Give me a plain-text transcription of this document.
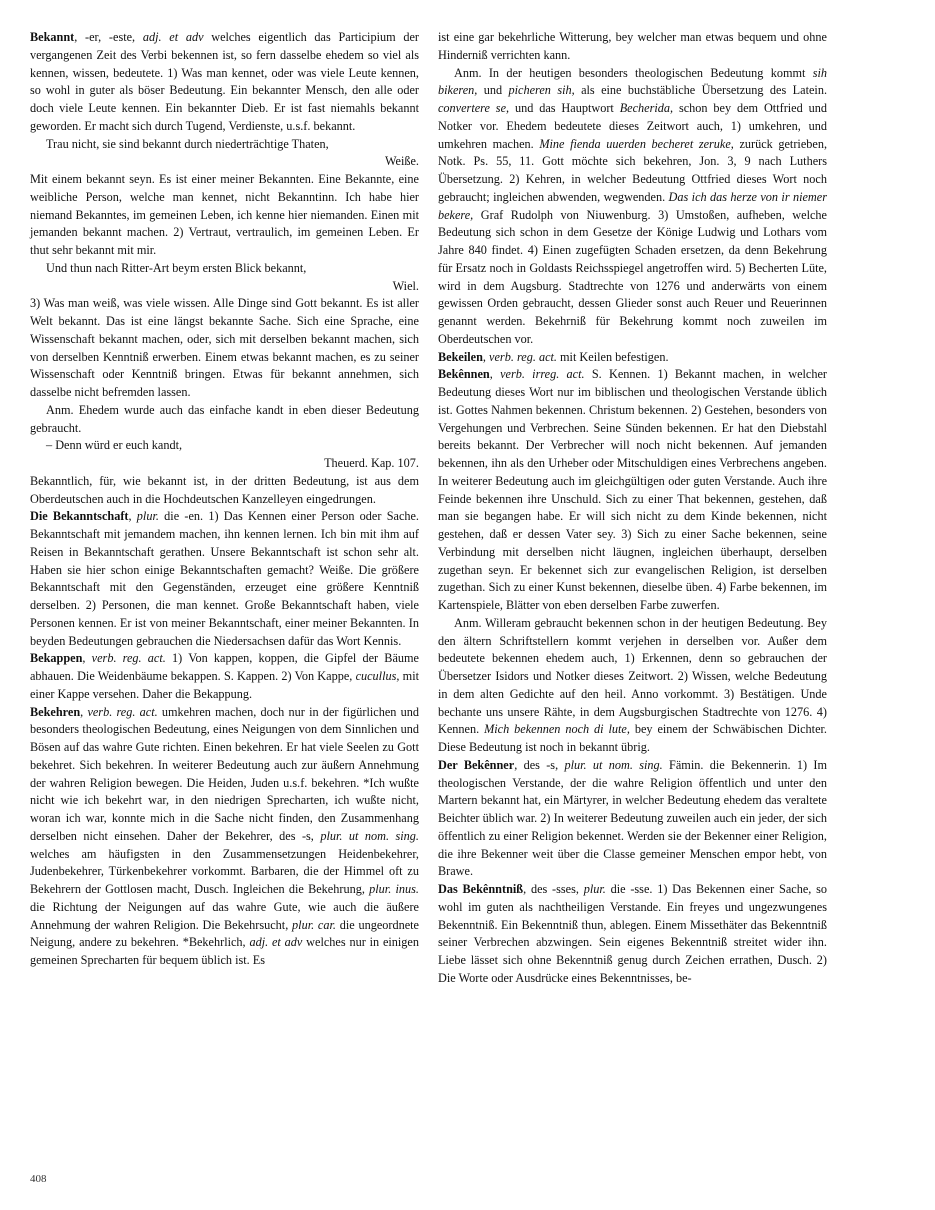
Bekannt, -er, -este, adj. et adv welches eigentlich das Participium der vergangenen Zeit des Verbi bekennen ist, so fern dasselbe ehedem so viel als kennen, wissen, bedeutete. 1) Was man kennet, oder was viele Leute kennen, so wohl in guter als böser Bedeutung. Ein bekannter Mensch, den alle oder doch viele Leute kennen. Ein bekannter Dieb. Er ist fast niemahls bekannt geworden. Er macht sich durch Tugend, Verdienste, u.s.f. bekannt.

Trau nicht, sie sind bekannt durch niederträchtige Thaten,

Weiße.

Mit einem bekannt seyn. Es ist einer meiner Bekannten. Eine Bekannte, eine weibliche Person, welche man kennet, nicht Bekanntinn. Ich habe hier niemand Bekanntes, im gemeinen Leben, ich kenne hier niemanden. Einen mit jemanden bekannt machen. 2) Vertraut, vertraulich, im gemeinen Leben. Er thut sehr bekannt mit mir.

Und thun nach Ritter-Art beym ersten Blick bekannt,

Wiel.

3) Was man weiß, was viele wissen. Alle Dinge sind Gott bekannt. Es ist aller Welt bekannt. Das ist eine längst bekannte Sache. Sich eine Sprache, eine Wissenschaft bekannt machen, oder, sich mit derselben bekannt machen, sich von derselben Kenntniß erwerben. Einem etwas bekannt machen, es zu seiner Wissenschaft oder Kenntniß bringen. Etwas für bekannt annehmen, sich dasselbe nicht befremden lassen.

Anm. Ehedem wurde auch das einfache kandt in eben dieser Bedeutung gebraucht.

– Denn würd er euch kandt,

Theuerd. Kap. 107.

Bekanntlich, für, wie bekannt ist, in der dritten Bedeutung, ist aus dem Oberdeutschen auch in die Hochdeutschen Kanzelleyen eingedrungen.

Die Bekanntschaft, plur. die -en. 1) Das Kennen einer Person oder Sache. Bekanntschaft mit jemandem machen, ihn kennen lernen. Ich bin mit ihm auf Reisen in Bekanntschaft gerathen. Unsere Bekanntschaft ist schon sehr alt. Haben sie hier schon einige Bekanntschaften gemacht? Weiße. Die größere Bekanntschaft mit den Gegenständen, erzeuget eine größere Kenntniß derselben. 2) Personen, die man kennet. Große Bekanntschaft haben, viele Personen kennen. Er ist von meiner Bekanntschaft, einer meiner Bekannten. In beyden Bedeutungen gebrauchen die Niedersachsen dafür das Wort Kennis.

Bekappen, verb. reg. act. 1) Von kappen, koppen, die Gipfel der Bäume abhauen. Die Weidenbäume bekappen. S. Kappen. 2) Von Kappe, cucullus, mit einer Kappe versehen. Daher die Bekappung.

Bekehren, verb. reg. act. umkehren machen, doch nur in der figürlichen und besonders theologischen Bedeutung, eines Neigungen von dem Sinnlichen und Bösen auf das wahre Gute richten. Einen bekehren. Er hat viele Seelen zu Gott bekehret. Sich bekehren. In weiterer Bedeutung auch zur äußern Annehmung der wahren Religion bewegen. Die Heiden, Juden u.s.f. bekehren. *Ich wußte nicht wie ich bekehrt war, in den niedrigen Sprecharten, ich wußte nicht, woran ich war, konnte mich in die Sache nicht finden, den Zusammenhang derselben nicht einsehen. Daher der Bekehrer, des -s, plur. ut nom. sing. welches am häufigsten in den Zusammensetzungen Heidenbekehrer, Judenbekehrer, Türkenbekehrer vorkommt. Barbaren, die der Himmel oft zu Bekehrern der Gottlosen macht, Dusch. Ingleichen die Bekehrung, plur. inus. die Richtung der Neigungen auf das wahre Gute, wie auch die äußere Annehmung der wahren Religion. Die Bekehrsucht, plur. car. die ungeordnete Neigung, andere zu bekehren. *Bekehrlich, adj. et adv welches nur in einigen gemeinen Sprecharten für bequem üblich ist. Es

ist eine gar bekehrliche Witterung, bey welcher man etwas bequem und ohne Hinderniß verrichten kann.

Anm. In der heutigen besonders theologischen Bedeutung kommt sih bikeren, und picheren sih, als eine buchstäbliche Übersetzung des Latein. convertere se, und das Hauptwort Becherida, schon bey dem Ottfried und Notker vor. Ehedem bedeutete dieses Zeitwort auch, 1) umkehren, und umkehren machen. Mine fienda uuerden becheret zeruke, zurück getrieben, Notk. Ps. 55, 11. Gott möchte sich bekehren, Jon. 3, 9 nach Luthers Übersetzung. 2) Kehren, in welcher Bedeutung Ottfried dieses Wort noch gebraucht; ingleichen abwenden, wegwenden. Das ich das herze von ir niemer bekere, Graf Rudolph von Niuwenburg. 3) Umstoßen, aufheben, welche Bedeutung sich schon in dem Gesetze der Könige Ludwig und Lothars vom Jahre 840 findet. 4) Einen zugefügten Schaden ersetzen, da denn Bekehrung für Ersatz noch in Goldasts Reichsspiegel angetroffen wird. 5) Becherten Lüte, wird in dem Augsburg. Stadtrechte von 1276 und anderwärts von einem gewissen Orden gebraucht, dessen Glieder sonst auch Reuer und Reuerinnen genannt werden. Bekehrniß für Bekehrung kommt noch zuweilen im Oberdeutschen vor.

Bekeilen, verb. reg. act. mit Keilen befestigen.

Bekênnen, verb. irreg. act. S. Kennen. 1) Bekannt machen, in welcher Bedeutung dieses Wort nur im biblischen und theologischen Verstande üblich ist. Gottes Nahmen bekennen. Christum bekennen. 2) Gestehen, besonders von Vergehungen und Verbrechen. Seine Sünden bekennen. Er hat den Diebstahl bereits bekannt. Der Verbrecher will noch nicht bekennen. Auf jemanden bekennen, ihn als den Urheber oder Mitschuldigen eines Verbrechens angeben. In weiterer Bedeutung auch im gleichgültigen oder guten Verstande. Auch ihre Feinde bekennen ihre Unschuld. Sich zu einer That bekennen, gestehen, daß man sie begangen habe. Er will sich nicht zu dem Kinde bekennen, nicht gestehen, daß er dessen Vater sey. 3) Sich zu einer Sache bekennen, seine Verbindung mit derselben nicht läugnen, ingleichen überhaupt, derselben zugethan seyn. Er bekennet sich zur evangelischen Religion, ist derselben zugethan. Sich zu einer Kunst bekennen, dieselbe üben. 4) Farbe bekennen, im Kartenspiele, Blätter von eben derselben Farbe zuwerfen.

Anm. Willeram gebraucht bekennen schon in der heutigen Bedeutung. Bey den ältern Schriftstellern kommt verjehen in derselben vor. Außer dem bedeutete bekennen ehedem auch, 1) Erkennen, denn so gebrauchen der Übersetzer Isidors und Notker dieses Zeitwort. 2) Wissen, welche Bedeutung in dem alten Gedichte auf den heil. Anno vorkommt. 3) Bestätigen. Unde bechante uns unsere Rähte, in dem Augsburgischen Stadtrechte von 1276. 4) Kennen. Mich bekennen noch di lute, bey einem der Schwäbischen Dichter. Diese Bedeutung ist noch in bekannt übrig.

Der Bekênner, des -s, plur. ut nom. sing. Fämin. die Bekennerin. 1) Im theologischen Verstande, der die wahre Religion öffentlich und unter den Martern bekannt hat, ein Märtyrer, in welcher Bedeutung ehedem das veraltete Beichter üblich war. 2) In weiterer Bedeutung zuweilen auch ein jeder, der sich öffentlich zu einer Religion bekennet. Werden sie der Bekenner einer Religion, die ihre Bekenner weit über die Classe gemeiner Menschen empor hebt, von Brawe.

Das Bekênntniß, des -sses, plur. die -sse. 1) Das Bekennen einer Sache, so wohl im guten als nachtheiligen Verstande. Ein freyes und ungezwungenes Bekenntniß. Ein Bekenntniß thun, ablegen. Einem Missethäter das Bekenntniß seiner Verbrechen abzwingen. Sein eigenes Bekenntniß streitet wider ihn. Liebe lässet sich ohne Bekenntniß genug durch Zeichen errathen, Dusch. 2) Die Worte oder Ausdrücke eines Bekenntnisses, be-

408
